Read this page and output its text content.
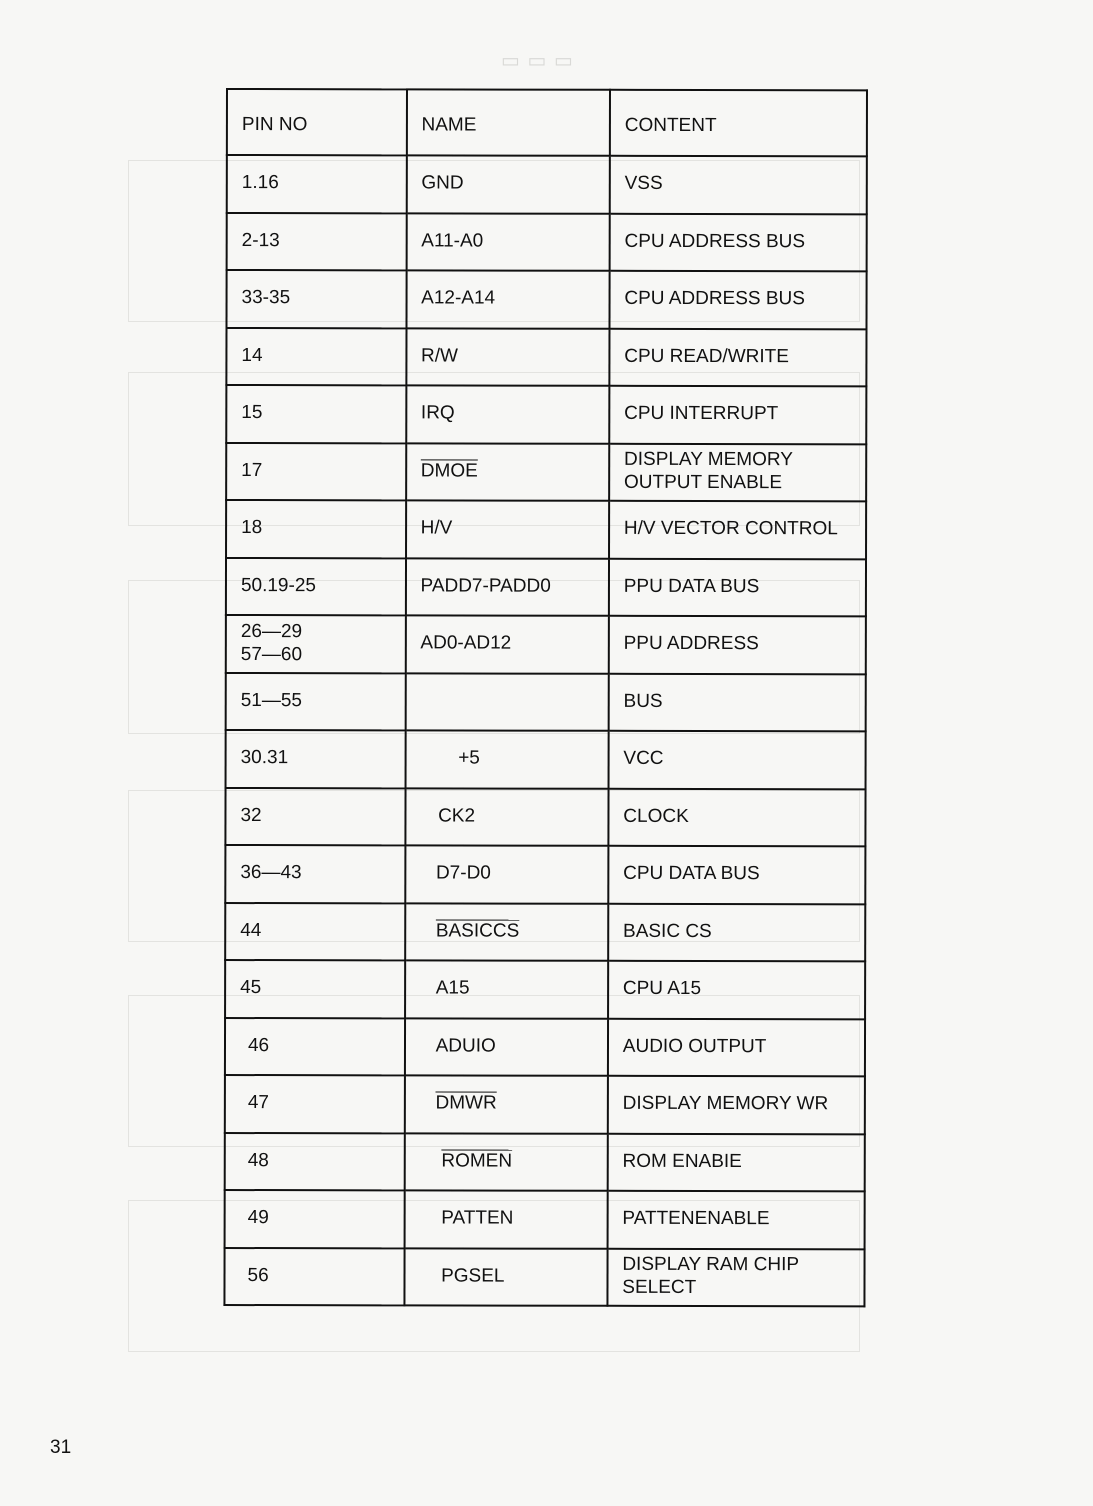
▭ ▭ ▭
PIN NO	NAME	CONTENT
1.16	GND	VSS
2-13	A11-A0	CPU ADDRESS BUS
33-35	A12-A14	CPU ADDRESS BUS
14	R/W	CPU READ/WRITE
15	IRQ	CPU INTERRUPT
17	DMOE	DISPLAY MEMORY OUTPUT ENABLE
18	H/V	H/V VECTOR CONTROL
50.19-25	PADD7-PADD0	PPU DATA BUS
26—29 57—60	AD0-AD12	PPU ADDRESS
51—55		BUS
30.31	+5	VCC
32	CK2	CLOCK
36—43	D7-D0	CPU DATA BUS
44	BASICCS	BASIC CS
45	A15	CPU A15
46	ADUIO	AUDIO OUTPUT
47	DMWR	DISPLAY MEMORY WR
48	ROMEN	ROM ENABIE
49	PATTEN	PATTENENABLE
56	PGSEL	DISPLAY RAM CHIP SELECT
31
